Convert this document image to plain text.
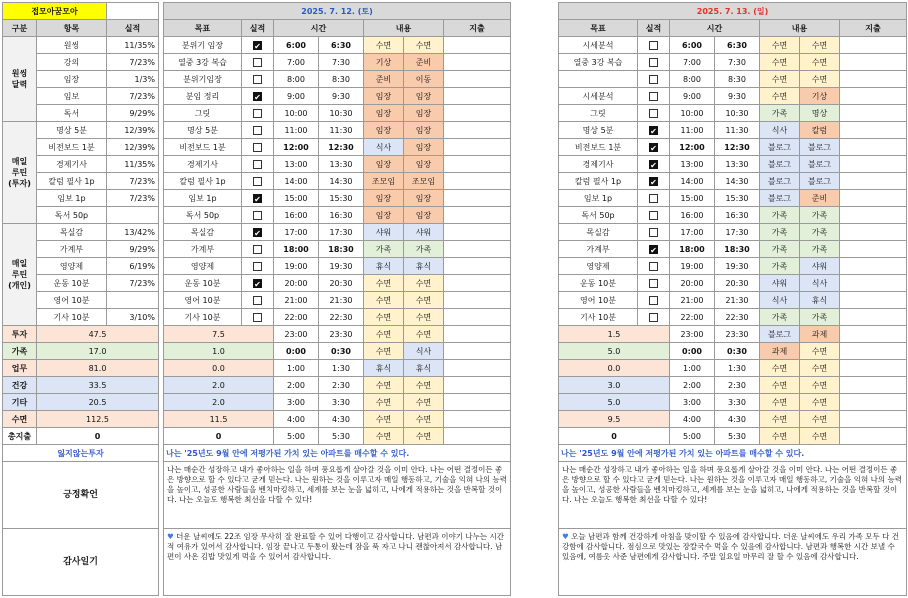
접모아꿈모아		
구분	항목	실적
원씽
달력	원씽	11/35%
	강의	7/23%
	임장	1/3%
	임보	7/23%
	독서	9/29%
매일
루틴
(투자)	명상 5분	12/39%
	비전보드 1분	12/39%
	경제기사	11/35%
	칼럼 필사 1p	7/23%
	임보 1p	7/23%
	독서 50p	
매일
루틴
(개인)	목실감	13/42%
	가계부	9/29%
	영양제	6/19%
	운동 10분	7/23%
	영어 10분	
	기사 10분	3/10%
투자	47.5	
가족	17.0	
업무	81.0	
건강	33.5	
기타	20.5	
수면	112.5	
총지출	0	
잃지않는투자		
긍정확언		
감사일기		
2025. 7. 12. (토)						
목표	실적	시간		내용		지출
분위기 임장	✔	6:00	6:30	수면	수면	
열중 3강 복습		7:00	7:30	기상	준비	
분위기임장		8:00	8:30	준비	이동	
분임 정리	✔	9:00	9:30	임장	임장	
그릿		10:00	10:30	임장	임장	
명상 5분		11:00	11:30	임장	임장	
비전보드 1분		12:00	12:30	식사	임장	
경제기사		13:00	13:30	임장	임장	
칼럼 필사 1p		14:00	14:30	조모임	조모임	
임보 1p	✔	15:00	15:30	임장	임장	
독서 50p		16:00	16:30	임장	임장	
목실감	✔	17:00	17:30	샤워	샤워	
가계부		18:00	18:30	가족	가족	
영양제		19:00	19:30	휴식	휴식	
운동 10분	✔	20:00	20:30	수면	수면	
영어 10분		21:00	21:30	수면	수면	
기사 10분		22:00	22:30	수면	수면	
7.5		23:00	23:30	수면	수면	
1.0		0:00	0:30	수면	식사	
0.0		1:00	1:30	휴식	휴식	
2.0		2:00	2:30	수면	수면	
2.0		3:00	3:30	수면	수면	
11.5		4:00	4:30	수면	수면	
0		5:00	5:30	수면	수면	
나는 '25년도 9월 안에 저평가된 가치 있는 아파트를 매수할 수 있다.						
나는 매순간 성장하고 내가 좋아하는 일을 하며 풍요롭게 살아갈 것을 이미 안다. 나는 어떤 결정이든 좋은 방향으로 할 수 있다고 굳게 믿는다. 나는 원하는 것을 이루고자 매일 행동하고, 기술을 익혀 나의 능력을 높이고, 성공한 사람들을 벤치마킹하고, 세계를 보는 눈을 넓히고, 나에게 적용하는 것을 반복할 것이다. 나는 오늘도 행복한 최선을 다할 수 있다!						
♥ 더운 날씨에도 22조 임장 무사히 잘 완료할 수 있어 다행이고 감사합니다. 남편과 이야기 나누는 시간적 여유가 있어서 감사합니다. 임장 끝나고 두통이 왔는데 잠을 푹 자고 나니 괜찮아져서 감사합니다. 남편이 사온 김밥 맛있게 먹을 수 있어서 감사합니다.						
2025. 7. 13. (일)						
목표	실적	시간		내용		지출
시세분석		6:00	6:30	수면	수면	
열중 3강 복습		7:00	7:30	수면	수면	
		8:00	8:30	수면	수면	
시세분석		9:00	9:30	수면	기상	
그릿		10:00	10:30	가족	명상	
명상 5분	✔	11:00	11:30	식사	칼럼	
비전보드 1분	✔	12:00	12:30	블로그	블로그	
경제기사	✔	13:00	13:30	블로그	블로그	
칼럼 필사 1p	✔	14:00	14:30	블로그	블로그	
임보 1p		15:00	15:30	블로그	준비	
독서 50p		16:00	16:30	가족	가족	
목실감		17:00	17:30	가족	가족	
가계부	✔	18:00	18:30	가족	가족	
영양제		19:00	19:30	가족	샤워	
운동 10분		20:00	20:30	샤워	식사	
영어 10분		21:00	21:30	식사	휴식	
기사 10분		22:00	22:30	가족	가족	
1.5		23:00	23:30	블로그	과제	
5.0		0:00	0:30	과제	수면	
0.0		1:00	1:30	수면	수면	
3.0		2:00	2:30	수면	수면	
5.0		3:00	3:30	수면	수면	
9.5		4:00	4:30	수면	수면	
0		5:00	5:30	수면	수면	
나는 '25년도 9월 안에 저평가된 가치 있는 아파트를 매수할 수 있다.						
나는 매순간 성장하고 내가 좋아하는 일을 하며 풍요롭게 살아갈 것을 이미 안다. 나는 어떤 결정이든 좋은 방향으로 할 수 있다고 굳게 믿는다. 나는 원하는 것을 이루고자 매일 행동하고, 기술을 익혀 나의 능력을 높이고, 성공한 사람들을 벤치마킹하고, 세계를 보는 눈을 넓히고, 나에게 적용하는 것을 반복할 것이다. 나는 오늘도 행복한 최선을 다할 수 있다!						
♥ 오늘 남편과 함께 건강하게 아침을 맞이할 수 있음에 감사합니다. 더운 날씨에도 우리 가족 모두 다 건강함에 감사합니다. 점심으로 맛있는 장칼국수 먹을 수 있음에 감사합니다. 남편과 행복한 시간 보낼 수 있음에, 여름옷 사준 남편에게 감사합니다. 주말 일요일 마무리 잘 할 수 있음에 감사합니다.						
